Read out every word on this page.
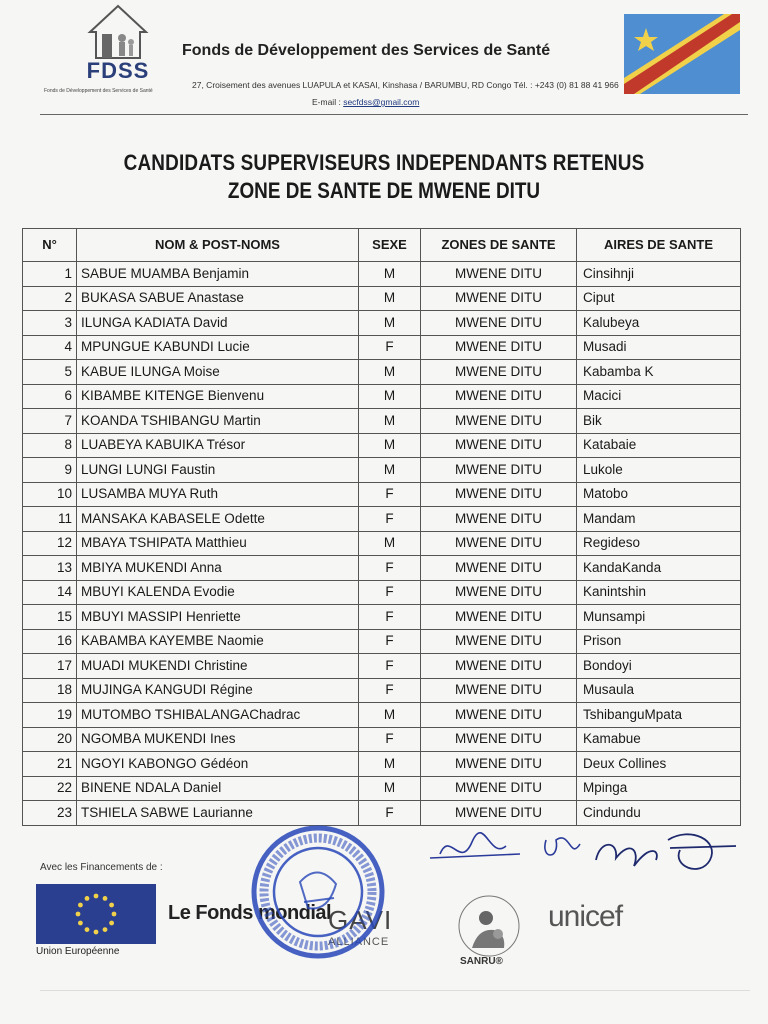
FDSS
Fonds de Développement des Services de Santé
Fonds de Développement des Services de Santé
27, Croisement des avenues LUAPULA et KASAI, Kinshasa / BARUMBU, RD Congo Tél. : +243 (0) 81 88 41 966
E-mail : secfdss@gmail.com
CANDIDATS SUPERVISEURS INDEPENDANTS RETENUS
ZONE DE SANTE DE MWENE DITU
N°	NOM & POST-NOMS	SEXE	ZONES DE SANTE	AIRES DE SANTE
1	SABUE MUAMBA Benjamin	M	MWENE DITU	Cinsihnji
2	BUKASA SABUE Anastase	M	MWENE DITU	Ciput
3	ILUNGA KADIATA David	M	MWENE DITU	Kalubeya
4	MPUNGUE KABUNDI Lucie	F	MWENE DITU	Musadi
5	KABUE ILUNGA Moise	M	MWENE DITU	Kabamba K
6	KIBAMBE KITENGE Bienvenu	M	MWENE DITU	Macici
7	KOANDA TSHIBANGU Martin	M	MWENE DITU	Bik
8	LUABEYA KABUIKA Trésor	M	MWENE DITU	Katabaie
9	LUNGI LUNGI Faustin	M	MWENE DITU	Lukole
10	LUSAMBA MUYA Ruth	F	MWENE DITU	Matobo
11	MANSAKA KABASELE Odette	F	MWENE DITU	Mandam
12	MBAYA TSHIPATA Matthieu	M	MWENE DITU	Regideso
13	MBIYA MUKENDI Anna	F	MWENE DITU	KandaKanda
14	MBUYI KALENDA Evodie	F	MWENE DITU	Kanintshin
15	MBUYI MASSIPI Henriette	F	MWENE DITU	Munsampi
16	KABAMBA KAYEMBE Naomie	F	MWENE DITU	Prison
17	MUADI MUKENDI Christine	F	MWENE DITU	Bondoyi
18	MUJINGA KANGUDI Régine	F	MWENE DITU	Musaula
19	MUTOMBO TSHIBALANGAChadrac	M	MWENE DITU	TshibanguMpata
20	NGOMBA MUKENDI Ines	F	MWENE DITU	Kamabue
21	NGOYI KABONGO Gédéon	M	MWENE DITU	Deux Collines
22	BINENE NDALA Daniel	M	MWENE DITU	Mpinga
23	TSHIELA SABWE Laurianne	F	MWENE DITU	Cindundu
Avec les Financements de :
Union Européenne
Le Fonds mondial
GAVI
ALLIANCE
SANRU®
unicef
